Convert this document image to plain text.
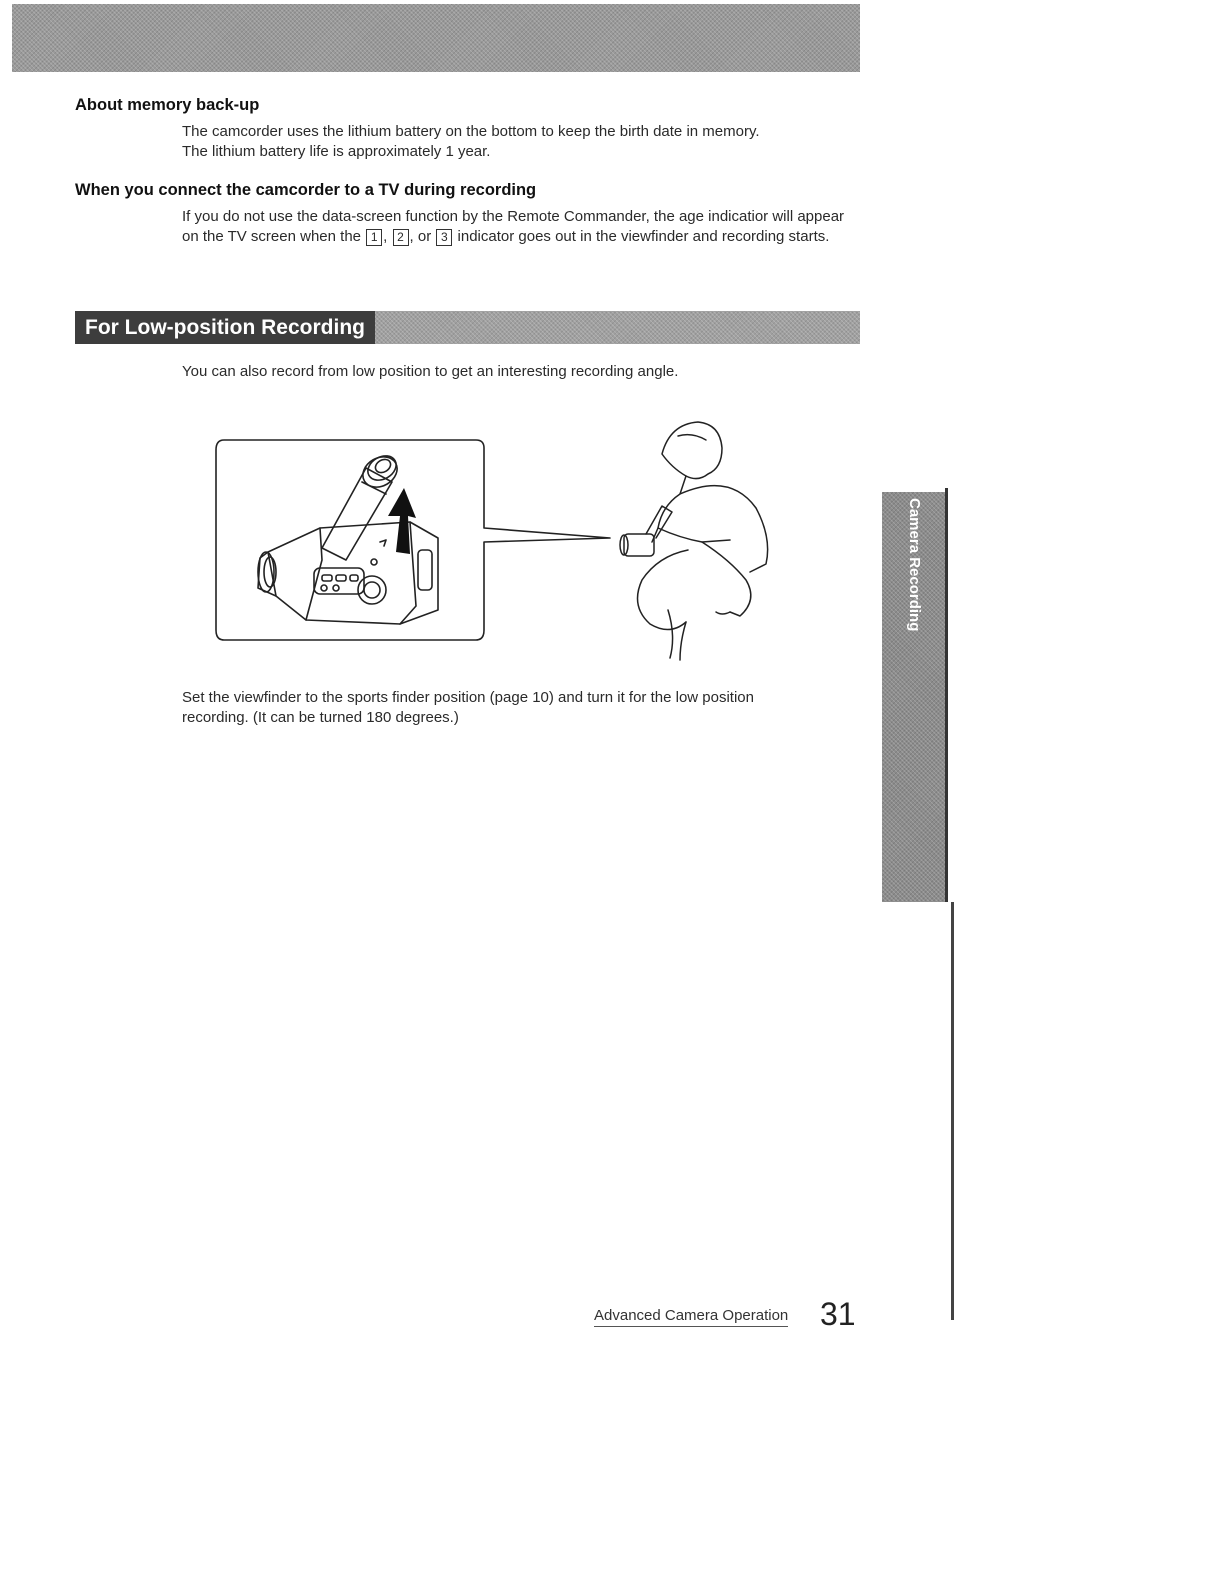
About memory back-up

The camcorder uses the lithium battery on the bottom to keep the birth date in memory.
The lithium battery life is approximately 1 year.

When you connect the camcorder to a TV during recording

If you do not use the data-screen function by the Remote Commander, the age indicatior will appear on the TV screen when the 1 , 2 , or 3 indicator goes out in the viewfinder and recording starts.

For Low-position Recording

You can also record from low position to get an interesting recording angle.

Set the viewfinder to the sports finder position (page 10) and turn it for the low position
recording. (It can be turned 180 degrees.)

Camera Recording

Advanced Camera Operation 31
